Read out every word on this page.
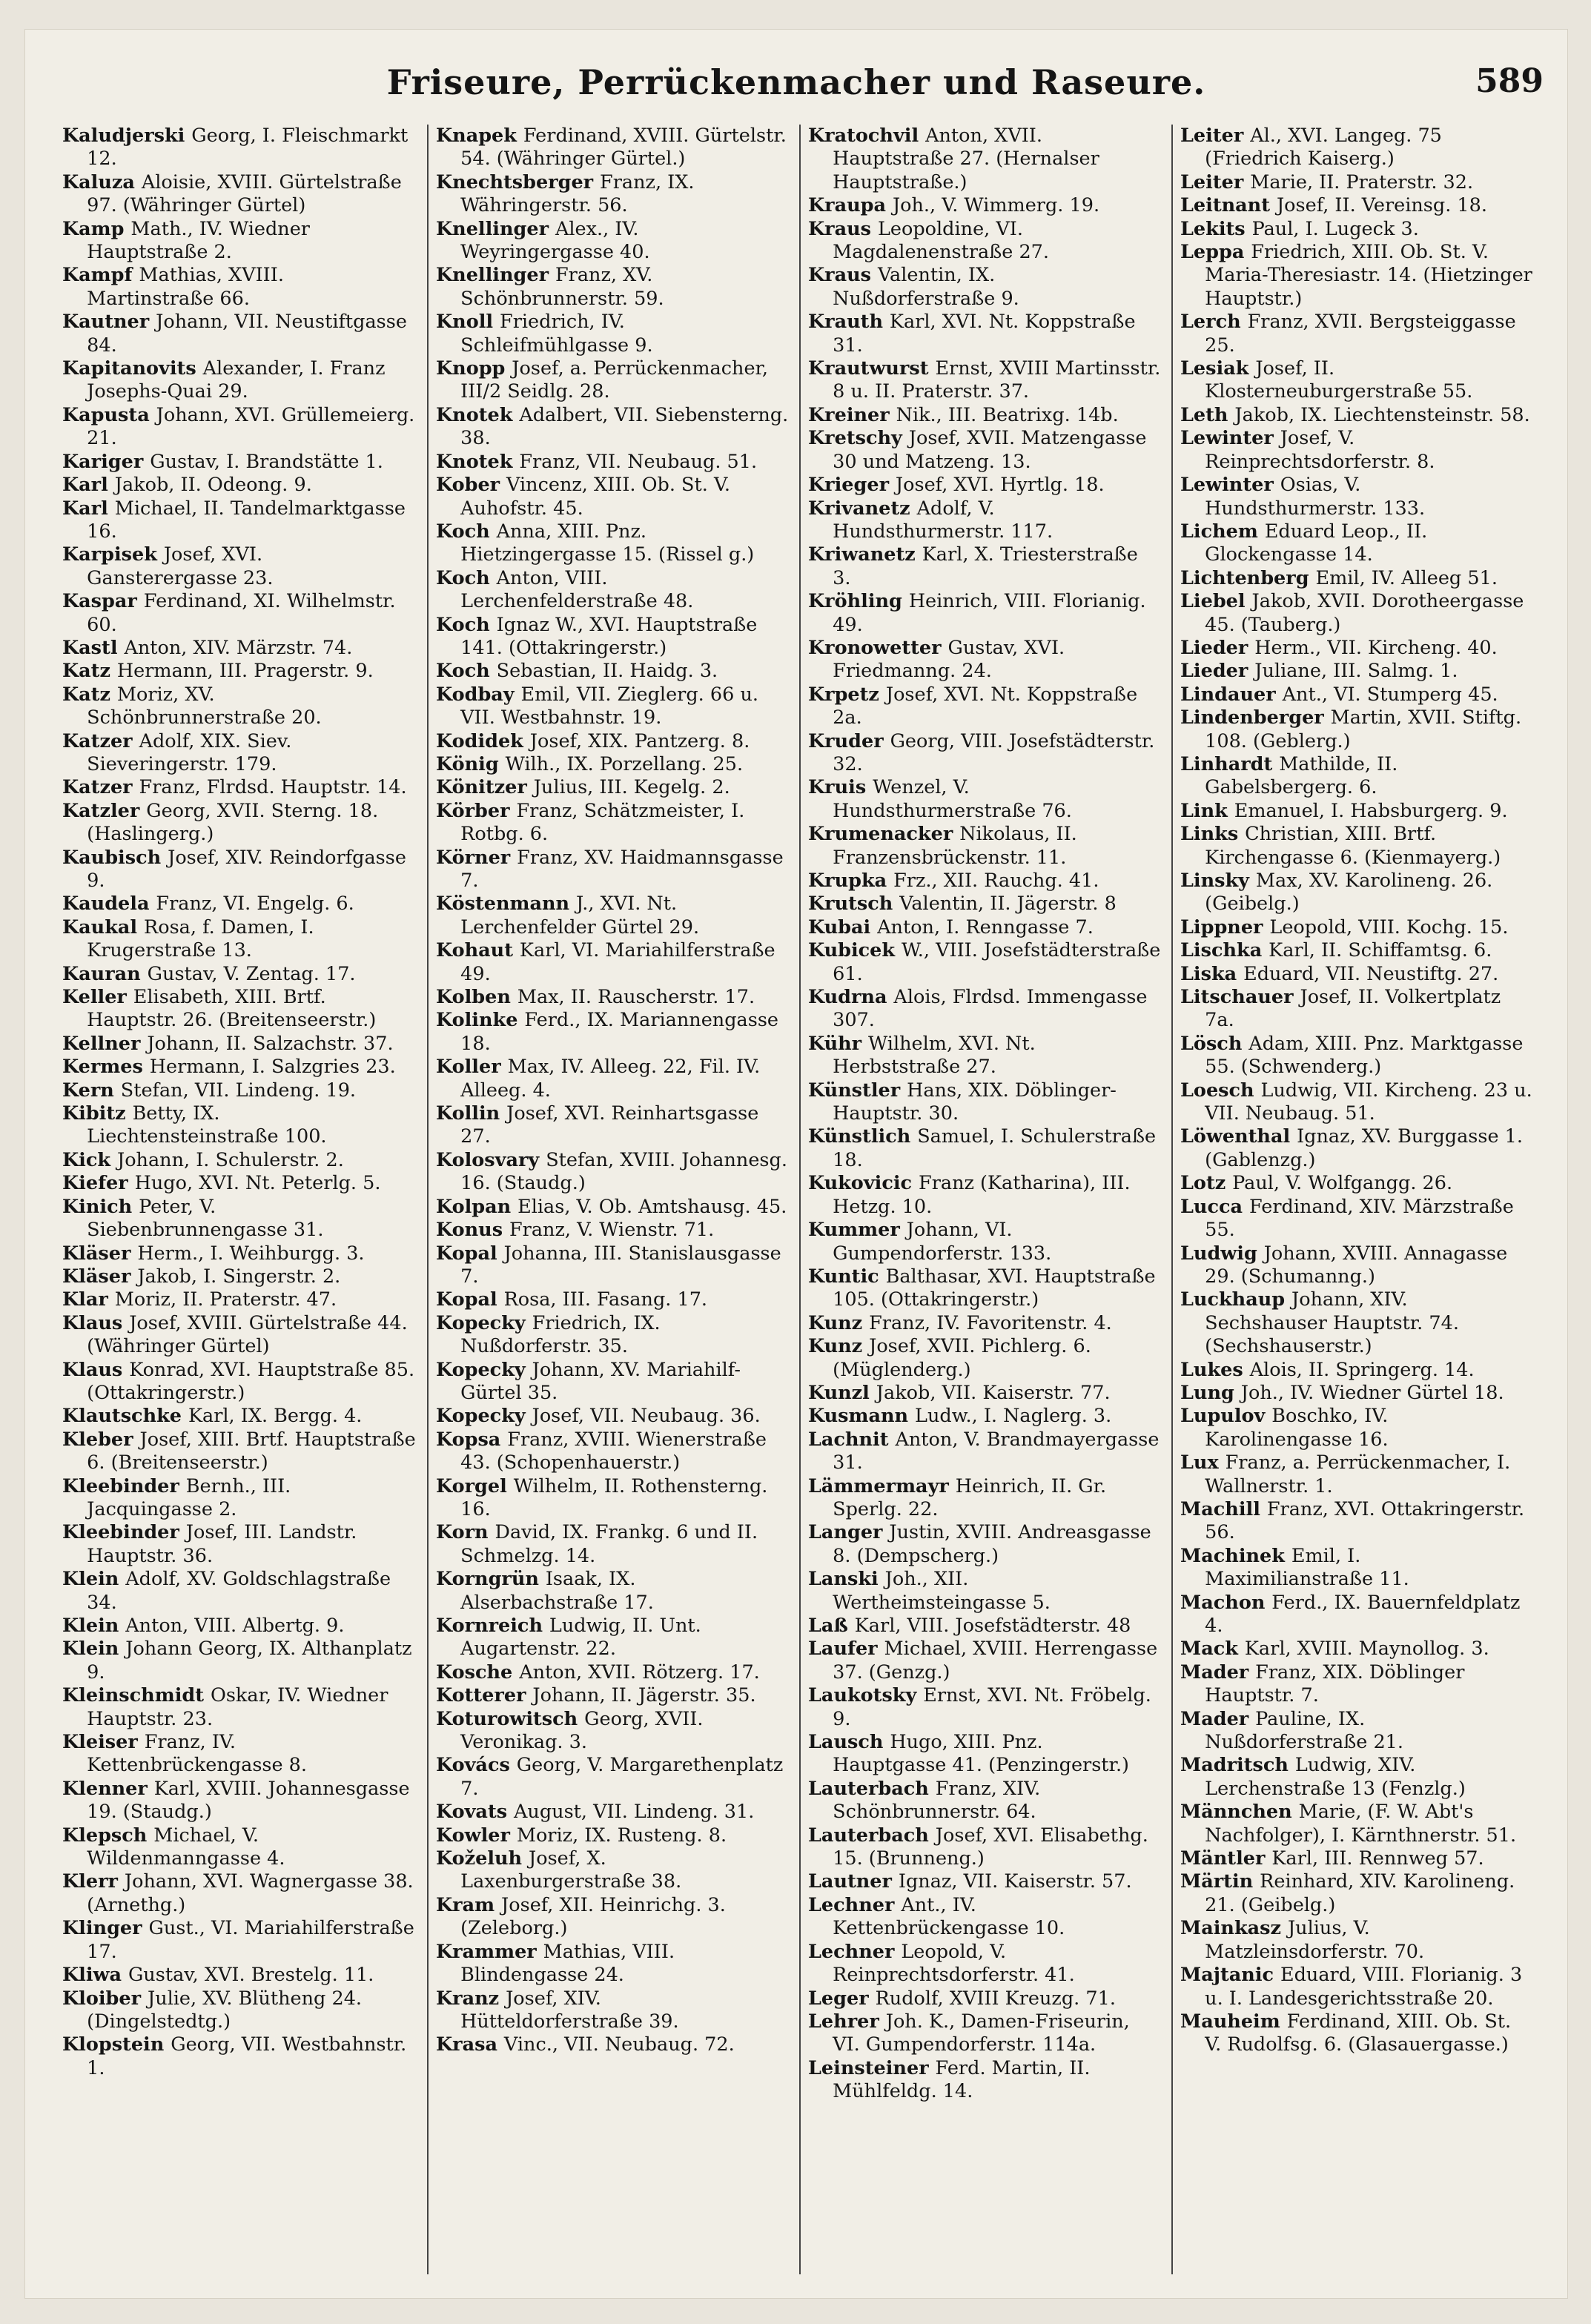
Friseure, Perrückenmacher und Raseure.	589

Kaludjerski Georg, I. Fleischmarkt 12.

Kaluza Aloisie, XVIII. Gürtelstraße 97. (Währinger Gürtel)

Kamp Math., IV. Wiedner Hauptstraße 2.

Kampf Mathias, XVIII. Martinstraße 66.

Kautner Johann, VII. Neustiftgasse 84.

Kapitanovits Alexander, I. Franz Josephs-Quai 29.

Kapusta Johann, XVI. Grüllemeierg. 21.

Kariger Gustav, I. Brandstätte 1.

Karl Jakob, II. Odeong. 9.

Karl Michael, II. Tandelmarktgasse 16.

Karpisek Josef, XVI. Gansterergasse 23.

Kaspar Ferdinand, XI. Wilhelmstr. 60.

Kastl Anton, XIV. Märzstr. 74.

Katz Hermann, III. Pragerstr. 9.

Katz Moriz, XV. Schönbrunnerstraße 20.

Katzer Adolf, XIX. Siev. Sieveringerstr. 179.

Katzer Franz, Flrdsd. Hauptstr. 14.

Katzler Georg, XVII. Sterng. 18. (Haslingerg.)

Kaubisch Josef, XIV. Reindorfgasse 9.

Kaudela Franz, VI. Engelg. 6.

Kaukal Rosa, f. Damen, I. Krugerstraße 13.

Kauran Gustav, V. Zentag. 17.

Keller Elisabeth, XIII. Brtf. Hauptstr. 26. (Breitenseerstr.)

Kellner Johann, II. Salzachstr. 37.

Kermes Hermann, I. Salzgries 23.

Kern Stefan, VII. Lindeng. 19.

Kibitz Betty, IX. Liechtensteinstraße 100.

Kick Johann, I. Schulerstr. 2.

Kiefer Hugo, XVI. Nt. Peterlg. 5.

Kinich Peter, V. Siebenbrunnengasse 31.

Kläser Herm., I. Weihburgg. 3.

Kläser Jakob, I. Singerstr. 2.

Klar Moriz, II. Praterstr. 47.

Klaus Josef, XVIII. Gürtelstraße 44. (Währinger Gürtel)

Klaus Konrad, XVI. Hauptstraße 85. (Ottakringerstr.)

Klautschke Karl, IX. Bergg. 4.

Kleber Josef, XIII. Brtf. Hauptstraße 6. (Breitenseerstr.)

Kleebinder Bernh., III. Jacquingasse 2.

Kleebinder Josef, III. Landstr. Hauptstr. 36.

Klein Adolf, XV. Goldschlagstraße 34.

Klein Anton, VIII. Albertg. 9.

Klein Johann Georg, IX. Althanplatz 9.

Kleinschmidt Oskar, IV. Wiedner Hauptstr. 23.

Kleiser Franz, IV. Kettenbrückengasse 8.

Klenner Karl, XVIII. Johannesgasse 19. (Staudg.)

Klepsch Michael, V. Wildenmanngasse 4.

Klerr Johann, XVI. Wagnergasse 38. (Arnethg.)

Klinger Gust., VI. Mariahilferstraße 17.

Kliwa Gustav, XVI. Brestelg. 11.

Kloiber Julie, XV. Blütheng 24. (Dingelstedtg.)

Klopstein Georg, VII. Westbahnstr. 1.

Knapek Ferdinand, XVIII. Gürtelstr. 54. (Währinger Gürtel.)

Knechtsberger Franz, IX. Währingerstr. 56.

Knellinger Alex., IV. Weyringergasse 40.

Knellinger Franz, XV. Schönbrunnerstr. 59.

Knoll Friedrich, IV. Schleifmühlgasse 9.

Knopp Josef, a. Perrückenmacher, III/2 Seidlg. 28.

Knotek Adalbert, VII. Siebensterng. 38.

Knotek Franz, VII. Neubaug. 51.

Kober Vincenz, XIII. Ob. St. V. Auhofstr. 45.

Koch Anna, XIII. Pnz. Hietzingergasse 15. (Rissel g.)

Koch Anton, VIII. Lerchenfelderstraße 48.

Koch Ignaz W., XVI. Hauptstraße 141. (Ottakringerstr.)

Koch Sebastian, II. Haidg. 3.

Kodbay Emil, VII. Zieglerg. 66 u. VII. Westbahnstr. 19.

Kodidek Josef, XIX. Pantzerg. 8.

König Wilh., IX. Porzellang. 25.

Könitzer Julius, III. Kegelg. 2.

Körber Franz, Schätzmeister, I. Rotbg. 6.

Körner Franz, XV. Haidmannsgasse 7.

Köstenmann J., XVI. Nt. Lerchenfelder Gürtel 29.

Kohaut Karl, VI. Mariahilferstraße 49.

Kolben Max, II. Rauscherstr. 17.

Kolinke Ferd., IX. Mariannengasse 18.

Koller Max, IV. Alleeg. 22, Fil. IV. Alleeg. 4.

Kollin Josef, XVI. Reinhartsgasse 27.

Kolosvary Stefan, XVIII. Johannesg. 16. (Staudg.)

Kolpan Elias, V. Ob. Amtshausg. 45.

Konus Franz, V. Wienstr. 71.

Kopal Johanna, III. Stanislausgasse 7.

Kopal Rosa, III. Fasang. 17.

Kopecky Friedrich, IX. Nußdorferstr. 35.

Kopecky Johann, XV. Mariahilf-Gürtel 35.

Kopecky Josef, VII. Neubaug. 36.

Kopsa Franz, XVIII. Wienerstraße 43. (Schopenhauerstr.)

Korgel Wilhelm, II. Rothensterng. 16.

Korn David, IX. Frankg. 6 und II. Schmelzg. 14.

Korngrün Isaak, IX. Alserbachstraße 17.

Kornreich Ludwig, II. Unt. Augartenstr. 22.

Kosche Anton, XVII. Rötzerg. 17.

Kotterer Johann, II. Jägerstr. 35.

Koturowitsch Georg, XVII. Veronikag. 3.

Kovács Georg, V. Margarethenplatz 7.

Kovats August, VII. Lindeng. 31.

Kowler Moriz, IX. Rusteng. 8.

Koželuh Josef, X. Laxenburgerstraße 38.

Kram Josef, XII. Heinrichg. 3. (Zeleborg.)

Krammer Mathias, VIII. Blindengasse 24.

Kranz Josef, XIV. Hütteldorferstraße 39.

Krasa Vinc., VII. Neubaug. 72.

Kratochvil Anton, XVII. Hauptstraße 27. (Hernalser Hauptstraße.)

Kraupa Joh., V. Wimmerg. 19.

Kraus Leopoldine, VI. Magdalenenstraße 27.

Kraus Valentin, IX. Nußdorferstraße 9.

Krauth Karl, XVI. Nt. Koppstraße 31.

Krautwurst Ernst, XVIII Martinsstr. 8 u. II. Praterstr. 37.

Kreiner Nik., III. Beatrixg. 14b.

Kretschy Josef, XVII. Matzengasse 30 und Matzeng. 13.

Krieger Josef, XVI. Hyrtlg. 18.

Krivanetz Adolf, V. Hundsthurmerstr. 117.

Kriwanetz Karl, X. Triesterstraße 3.

Kröhling Heinrich, VIII. Florianig. 49.

Kronowetter Gustav, XVI. Friedmanng. 24.

Krpetz Josef, XVI. Nt. Koppstraße 2a.

Kruder Georg, VIII. Josefstädterstr. 32.

Kruis Wenzel, V. Hundsthurmerstraße 76.

Krumenacker Nikolaus, II. Franzensbrückenstr. 11.

Krupka Frz., XII. Rauchg. 41.

Krutsch Valentin, II. Jägerstr. 8

Kubai Anton, I. Renngasse 7.

Kubicek W., VIII. Josefstädterstraße 61.

Kudrna Alois, Flrdsd. Immengasse 307.

Kühr Wilhelm, XVI. Nt. Herbststraße 27.

Künstler Hans, XIX. Döblinger-Hauptstr. 30.

Künstlich Samuel, I. Schulerstraße 18.

Kukovicic Franz (Katharina), III. Hetzg. 10.

Kummer Johann, VI. Gumpendorferstr. 133.

Kuntic Balthasar, XVI. Hauptstraße 105. (Ottakringerstr.)

Kunz Franz, IV. Favoritenstr. 4.

Kunz Josef, XVII. Pichlerg. 6. (Müglenderg.)

Kunzl Jakob, VII. Kaiserstr. 77.

Kusmann Ludw., I. Naglerg. 3.

Lachnit Anton, V. Brandmayergasse 31.

Lämmermayr Heinrich, II. Gr. Sperlg. 22.

Langer Justin, XVIII. Andreasgasse 8. (Dempscherg.)

Lanski Joh., XII. Wertheimsteingasse 5.

Laß Karl, VIII. Josefstädterstr. 48

Laufer Michael, XVIII. Herrengasse 37. (Genzg.)

Laukotsky Ernst, XVI. Nt. Fröbelg. 9.

Lausch Hugo, XIII. Pnz. Hauptgasse 41. (Penzingerstr.)

Lauterbach Franz, XIV. Schönbrunnerstr. 64.

Lauterbach Josef, XVI. Elisabethg. 15. (Brunneng.)

Lautner Ignaz, VII. Kaiserstr. 57.

Lechner Ant., IV. Kettenbrückengasse 10.

Lechner Leopold, V. Reinprechtsdorferstr. 41.

Leger Rudolf, XVIII Kreuzg. 71.

Lehrer Joh. K., Damen-Friseurin, VI. Gumpendorferstr. 114a.

Leinsteiner Ferd. Martin, II. Mühlfeldg. 14.

Leiter Al., XVI. Langeg. 75 (Friedrich Kaiserg.)

Leiter Marie, II. Praterstr. 32.

Leitnant Josef, II. Vereinsg. 18.

Lekits Paul, I. Lugeck 3.

Leppa Friedrich, XIII. Ob. St. V. Maria-Theresiastr. 14. (Hietzinger Hauptstr.)

Lerch Franz, XVII. Bergsteiggasse 25.

Lesiak Josef, II. Klosterneuburgerstraße 55.

Leth Jakob, IX. Liechtensteinstr. 58.

Lewinter Josef, V. Reinprechtsdorferstr. 8.

Lewinter Osias, V. Hundsthurmerstr. 133.

Lichem Eduard Leop., II. Glockengasse 14.

Lichtenberg Emil, IV. Alleeg 51.

Liebel Jakob, XVII. Dorotheergasse 45. (Tauberg.)

Lieder Herm., VII. Kircheng. 40.

Lieder Juliane, III. Salmg. 1.

Lindauer Ant., VI. Stumperg 45.

Lindenberger Martin, XVII. Stiftg. 108. (Geblerg.)

Linhardt Mathilde, II. Gabelsbergerg. 6.

Link Emanuel, I. Habsburgerg. 9.

Links Christian, XIII. Brtf. Kirchengasse 6. (Kienmayerg.)

Linsky Max, XV. Karolineng. 26. (Geibelg.)

Lippner Leopold, VIII. Kochg. 15.

Lischka Karl, II. Schiffamtsg. 6.

Liska Eduard, VII. Neustiftg. 27.

Litschauer Josef, II. Volkertplatz 7a.

Lösch Adam, XIII. Pnz. Marktgasse 55. (Schwenderg.)

Loesch Ludwig, VII. Kircheng. 23 u. VII. Neubaug. 51.

Löwenthal Ignaz, XV. Burggasse 1. (Gablenzg.)

Lotz Paul, V. Wolfgangg. 26.

Lucca Ferdinand, XIV. Märzstraße 55.

Ludwig Johann, XVIII. Annagasse 29. (Schumanng.)

Luckhaup Johann, XIV. Sechshauser Hauptstr. 74. (Sechshauserstr.)

Lukes Alois, II. Springerg. 14.

Lung Joh., IV. Wiedner Gürtel 18.

Lupulov Boschko, IV. Karolinengasse 16.

Lux Franz, a. Perrückenmacher, I. Wallnerstr. 1.

Machill Franz, XVI. Ottakringerstr. 56.

Machinek Emil, I. Maximilianstraße 11.

Machon Ferd., IX. Bauernfeldplatz 4.

Mack Karl, XVIII. Maynollog. 3.

Mader Franz, XIX. Döblinger Hauptstr. 7.

Mader Pauline, IX. Nußdorferstraße 21.

Madritsch Ludwig, XIV. Lerchenstraße 13 (Fenzlg.)

Männchen Marie, (F. W. Abt's Nachfolger), I. Kärnthnerstr. 51.

Mäntler Karl, III. Rennweg 57.

Märtin Reinhard, XIV. Karolineng. 21. (Geibelg.)

Mainkasz Julius, V. Matzleinsdorferstr. 70.

Majtanic Eduard, VIII. Florianig. 3 u. I. Landesgerichtsstraße 20.

Mauheim Ferdinand, XIII. Ob. St. V. Rudolfsg. 6. (Glasauergasse.)
